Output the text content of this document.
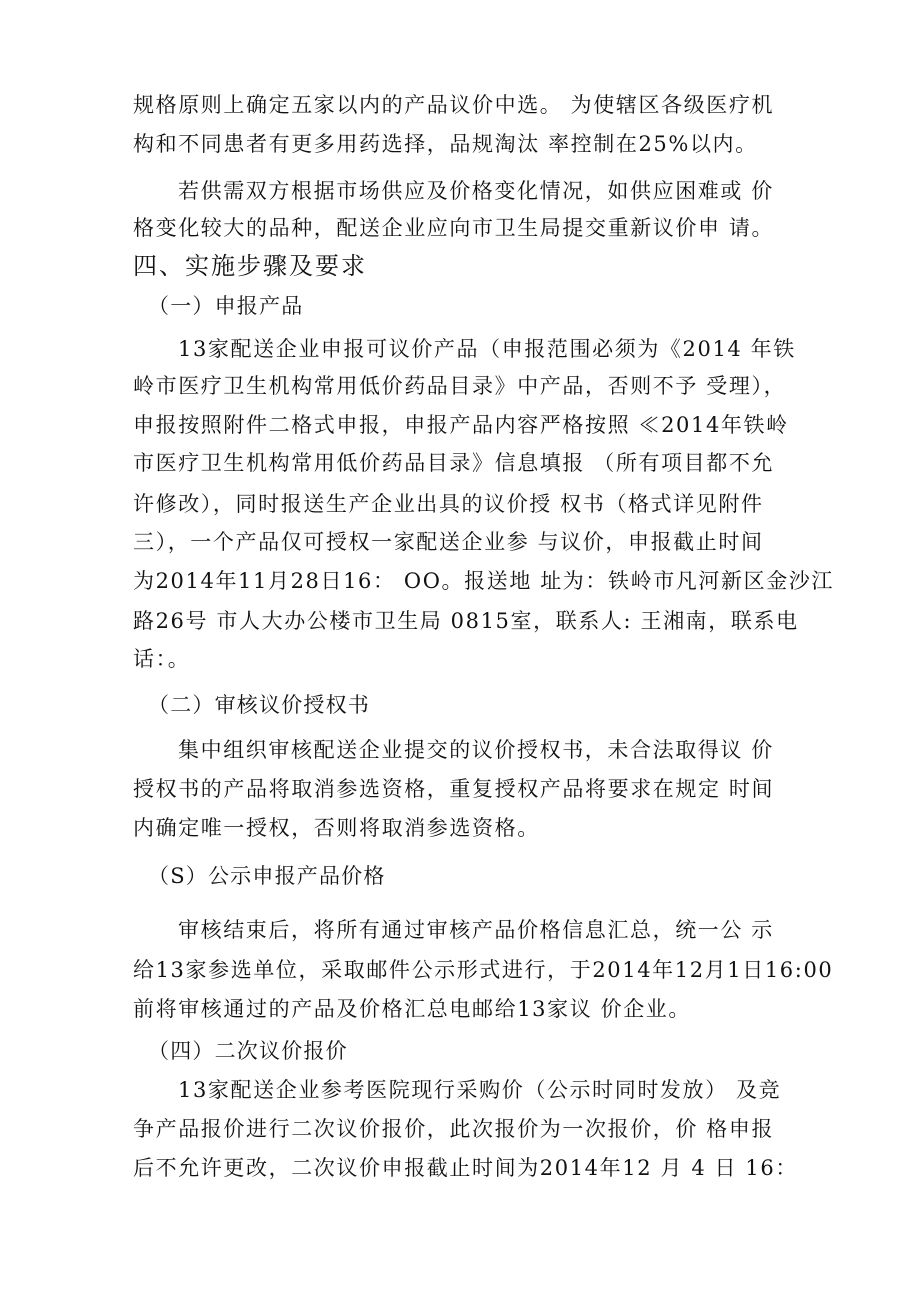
规格原则上确定五家以内的产品议价中选。 为使辖区各级医疗机
构和不同患者有更多用药选择，品规淘汰 率控制在25%以内。
若供需双方根据市场供应及价格变化情况，如供应困难或 价
格变化较大的品种，配送企业应向市卫生局提交重新议价申 请。
四、实施步骤及要求
（一）申报产品
13家配送企业申报可议价产品（申报范围必须为《2014 年铁
岭市医疗卫生机构常用低价药品目录》中产品，否则不予 受理），
申报按照附件二格式申报，申报产品内容严格按照 ≪2014年铁岭
市医疗卫生机构常用低价药品目录》信息填报 （所有项目都不允
许修改），同时报送生产企业出具的议价授 权书（格式详见附件
三），一个产品仅可授权一家配送企业参 与议价，申报截止时间
为2014年11月28日16： OO。报送地 址为：铁岭市凡河新区金沙江
路26号 市人大办公楼市卫生局 0815室，联系人: 王湘南，联系电
话：。
（二）审核议价授权书
集中组织审核配送企业提交的议价授权书，未合法取得议 价
授权书的产品将取消参选资格，重复授权产品将要求在规定 时间
内确定唯一授权，否则将取消参选资格。
（S）公示申报产品价格
审核结束后，将所有通过审核产品价格信息汇总，统一公 示
给13家参选单位，采取邮件公示形式进行，于2014年12月1日16:00
前将审核通过的产品及价格汇总电邮给13家议 价企业。
（四）二次议价报价
13家配送企业参考医院现行采购价（公示时同时发放） 及竞
争产品报价进行二次议价报价，此次报价为一次报价，价 格申报
后不允许更改，二次议价申报截止时间为2014年12 月 4 日 16：
